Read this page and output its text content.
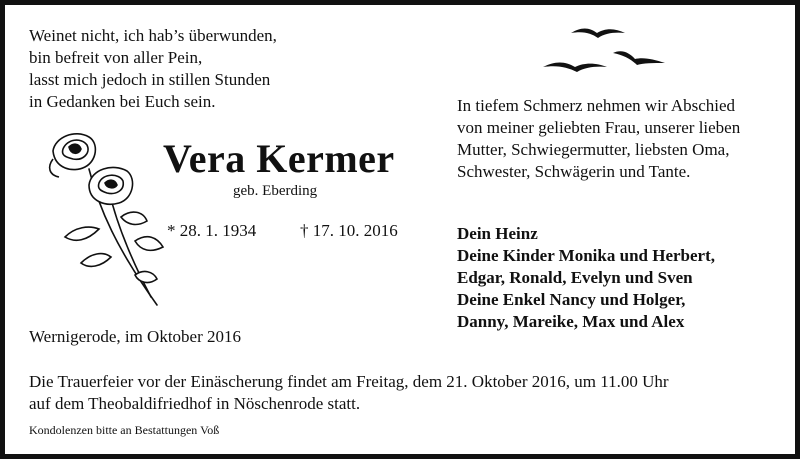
Weinet nicht, ich hab’s überwunden,
bin befreit von aller Pein,
lasst mich jedoch in stillen Stunden
in Gedanken bei Euch sein.
Vera Kermer
geb. Eberding
* 28. 1. 1934	† 17. 10. 2016
In tiefem Schmerz nehmen wir Abschied
von meiner geliebten Frau, unserer lieben
Mutter, Schwiegermutter, liebsten Oma,
Schwester, Schwägerin und Tante.
Dein Heinz
Deine Kinder Monika und Herbert,
Edgar, Ronald, Evelyn und Sven
Deine Enkel Nancy und Holger,
Danny, Mareike, Max und Alex
Wernigerode, im Oktober 2016
Die Trauerfeier vor der Einäscherung findet am Freitag, dem 21. Oktober 2016, um 11.00 Uhr
auf dem Theobaldifriedhof in Nöschenrode statt.
Kondolenzen bitte an Bestattungen Voß
